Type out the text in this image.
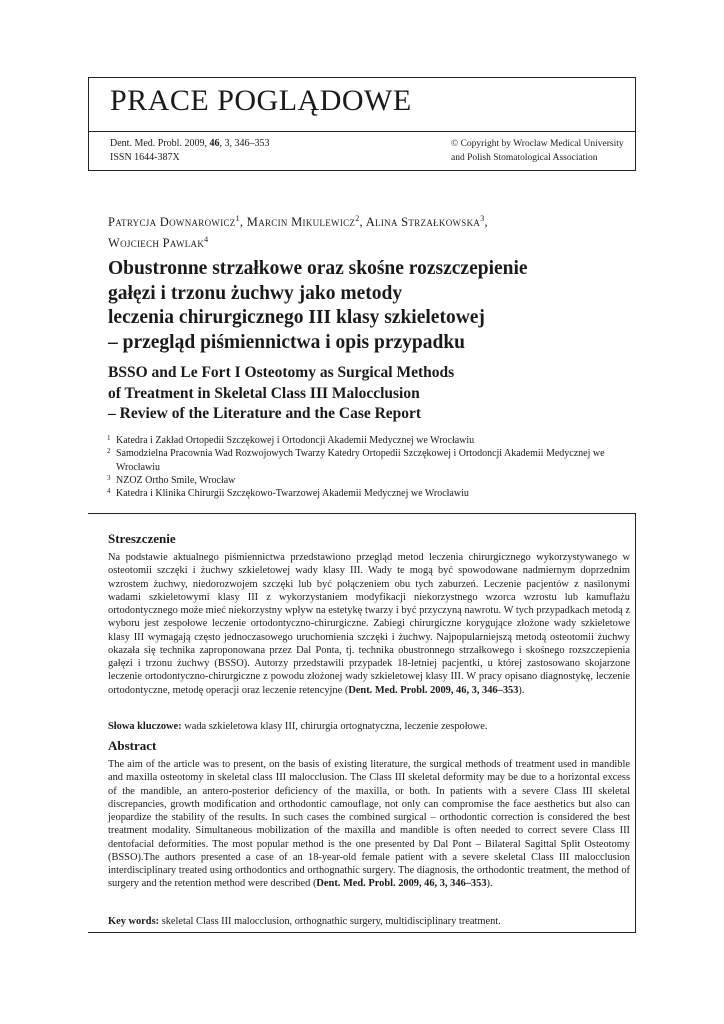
PRACE POGLĄDOWE
Dent. Med. Probl. 2009, 46, 3, 346–353
ISSN 1644-387X
© Copyright by Wroclaw Medical University
and Polish Stomatological Association
Patrycja Downarowicz$^1$, Marcin Mikulewicz$^2$, Alina Strzałkowska$^3$,
Wojciech Pawlak$^4$
Obustronne strzałkowe oraz skośne rozszczepienie
gałęzi i trzonu żuchwy jako metody
leczenia chirurgicznego III klasy szkieletowej
– przegląd piśmiennictwa i opis przypadku
BSSO and Le Fort I Osteotomy as Surgical Methods
of Treatment in Skeletal Class III Malocclusion
– Review of the Literature and the Case Report
1 Katedra i Zakład Ortopedii Szczękowej i Ortodoncji Akademii Medycznej we Wrocławiu
2 Samodzielna Pracownia Wad Rozwojowych Twarzy Katedry Ortopedii Szczękowej i Ortodoncji Akademii Medycznej we Wrocławiu
3 NZOZ Ortho Smile, Wrocław
4 Katedra i Klinika Chirurgii Szczękowo-Twarzowej Akademii Medycznej we Wrocławiu
Streszczenie

Na podstawie aktualnego piśmiennictwa przedstawiono przegląd metod leczenia chirurgicznego wykorzystywanego w osteotomii szczęki i żuchwy szkieletowej wady klasy III. Wady te mogą być spowodowane nadmiernym doprzednim wzrostem żuchwy, niedorozwojem szczęki lub być połączeniem obu tych zaburzeń. Leczenie pacjentów z nasilonymi wadami szkieletowymi klasy III z wykorzystaniem modyfikacji niekorzystnego wzorca wzrostu lub kamuflażu ortodontycznego może mieć niekorzystny wpływ na estetykę twarzy i być przyczyną nawrotu. W tych przypadkach metodą z wyboru jest zespołowe leczenie ortodontyczno-chirurgiczne. Zabiegi chirurgiczne korygujące złożone wady szkieletowe klasy III wymagają często jednoczasowego uruchomienia szczęki i żuchwy. Najpopularniejszą metodą osteotomii żuchwy okazała się technika zaproponowana przez Dal Ponta, tj. technika obustronnego strzałkowego i skośnego rozszczepienia gałęzi i trzonu żuchwy (BSSO). Autorzy przedstawili przypadek 18-letniej pacjentki, u której zastosowano skojarzone leczenie ortodontyczno-chirurgiczne z powodu złożonej wady szkieletowej klasy III. W pracy opisano diagnostykę, leczenie ortodontyczne, metodę operacji oraz leczenie retencyjne (Dent. Med. Probl. 2009, 46, 3, 346–353).

Słowa kluczowe: wada szkieletowa klasy III, chirurgia ortognatyczna, leczenie zespołowe.

Abstract

The aim of the article was to present, on the basis of existing literature, the surgical methods of treatment used in mandible and maxilla osteotomy in skeletal class III malocclusion. The Class III skeletal deformity may be due to a horizontal excess of the mandible, an antero-posterior deficiency of the maxilla, or both. In patients with a severe Class III skeletal discrepancies, growth modification and orthodontic camouflage, not only can compromise the face aesthetics but also can jeopardize the stability of the results. In such cases the combined surgical – orthodontic correction is considered the best treatment modality. Simultaneous mobilization of the maxilla and mandible is often needed to correct severe Class III dentofacial deformities. The most popular method is the one presented by Dal Pont – Bilateral Sagittal Split Osteotomy (BSSO).The authors presented a case of an 18-year-old female patient with a severe skeletal Class III malocclusion interdisciplinary treated using orthodontics and orthognathic surgery. The diagnosis, the orthodontic treatment, the method of surgery and the retention method were described (Dent. Med. Probl. 2009, 46, 3, 346–353).

Key words: skeletal Class III malocclusion, orthognathic surgery, multidisciplinary treatment.
